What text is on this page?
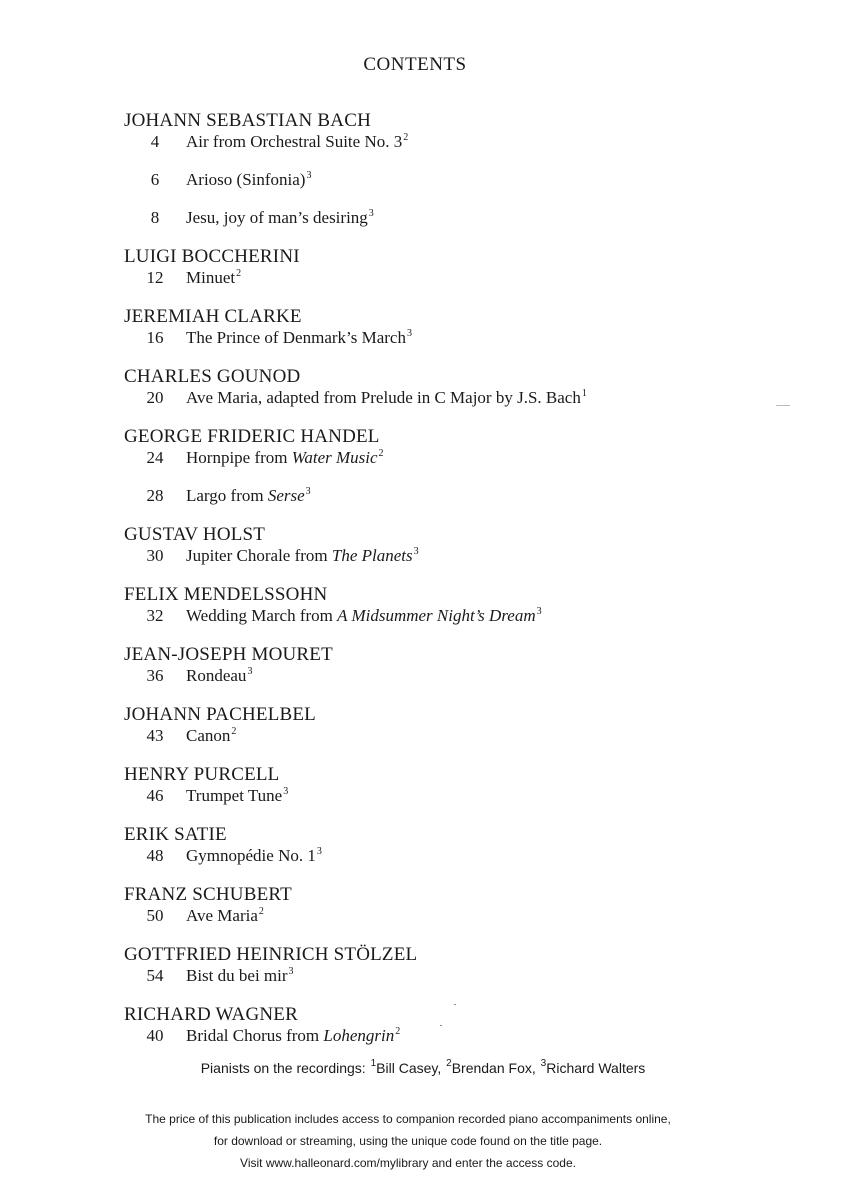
CONTENTS
JOHANN SEBASTIAN BACH
4	Air from Orchestral Suite No. $3^2$
6	Arioso (Sinfonia)$^3$
8	Jesu, joy of man’s desiring$^3$
LUIGI BOCCHERINI
12	Minuet$^2$
JEREMIAH CLARKE
16	The Prince of Denmark’s March$^3$
CHARLES GOUNOD
20	Ave Maria, adapted from Prelude in C Major by J.S. Bach$^1$
GEORGE FRIDERIC HANDEL
24	Hornpipe from Water Music$^2$
28	Largo from Serse$^3$
GUSTAV HOLST
30	Jupiter Chorale from The Planets$^3$
FELIX MENDELSSOHN
32	Wedding March from A Midsummer Night’s Dream$^3$
JEAN-JOSEPH MOURET
36	Rondeau$^3$
JOHANN PACHELBEL
43	Canon$^2$
HENRY PURCELL
46	Trumpet Tune$^3$
ERIK SATIE
48	Gymnopédie No. $1^3$
FRANZ SCHUBERT
50	Ave Maria$^2$
GOTTFRIED HEINRICH STÖLZEL
54	Bist du bei mir$^3$
RICHARD WAGNER
40	Bridal Chorus from Lohengrin$^2$
Pianists on the recordings: $^1$Bill Casey, $^2$Brendan Fox, $^3$Richard Walters
The price of this publication includes access to companion recorded piano accompaniments online,
for download or streaming, using the unique code found on the title page.
Visit www.halleonard.com/mylibrary and enter the access code.
